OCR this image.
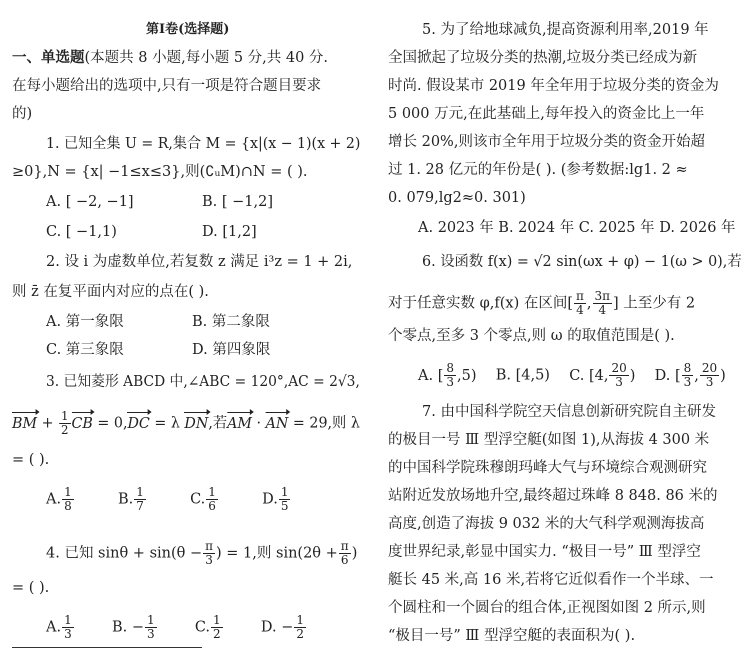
第Ⅰ卷(选择题)
一、单选题(本题共 8 小题,每小题 5 分,共 40 分.
在每小题给出的选项中,只有一项是符合题目要求
的)
1. 已知全集 U = R,集合 M = {x|(x − 1)(x + 2)
≥0},N = {x| −1≤x≤3},则(∁ᵤM)∩N = ( ).
A. [ −2, −1]	B. [ −1,2]
C. [ −1,1)	D. [1,2]
2. 设 i 为虚数单位,若复数 z 满足 i³z = 1 + 2i,
则 z̄ 在复平面内对应的点在( ).
A. 第一象限	B. 第二象限
C. 第三象限	D. 第四象限
3. 已知菱形 ABCD 中,∠ABC = 120°,AC = 2√3,
BM + $\frac{1}{2}$ CB = 0,DC = λ DN,若AM · AN = 29,则 λ
= ( ).
A. $\frac{1}{8}$	B. $\frac{1}{7}$	C. $\frac{1}{6}$	D. $\frac{1}{5}$
4. 已知 $\sin\theta + \sin(\theta - \frac{\pi}{3}$ ) = 1,则 $\sin(2\theta + \frac{\pi}{6}$ )
= ( ).
A. $\frac{1}{3}$	B. − $\frac{1}{3}$	C. $\frac{1}{2}$	D. − $\frac{1}{2}$
5. 为了给地球减负,提高资源利用率,2019 年
全国掀起了垃圾分类的热潮,垃圾分类已经成为新
时尚. 假设某市 2019 年全年用于垃圾分类的资金为
5 000 万元,在此基础上,每年投入的资金比上一年
增长 20%,则该市全年用于垃圾分类的资金开始超
过 1. 28 亿元的年份是( ). (参考数据:lg1. 2 ≈
0. 079,lg2≈0. 301)
A. 2023 年 B. 2024 年 C. 2025 年 D. 2026 年
6. 设函数 f(x) = √2 sin(ωx + φ) − 1(ω > 0),若
对于任意实数 φ,f(x) 在区间[ $\frac{\pi}{4}$ , $\frac{3\pi}{4}$ ] 上至少有 2
个零点,至多 3 个零点,则 ω 的取值范围是( ).
A. [ $\frac{8}{3} ,5$) B. [4,5) C. [4, $\frac{20}{3}$ ) D. [ $\frac{8}{3}$ , $\frac{20}{3}$ )
7. 由中国科学院空天信息创新研究院自主研发
的极目一号 Ⅲ 型浮空艇(如图 1),从海拔 4 300 米
的中国科学院珠穆朗玛峰大气与环境综合观测研究
站附近发放场地升空,最终超过珠峰 8 848. 86 米的
高度,创造了海拔 9 032 米的大气科学观测海拔高
度世界纪录,彰显中国实力. “极目一号” Ⅲ 型浮空
艇长 45 米,高 16 米,若将它近似看作一个半球、一
个圆柱和一个圆台的组合体,正视图如图 2 所示,则
“极目一号” Ⅲ 型浮空艇的表面积为( ).
